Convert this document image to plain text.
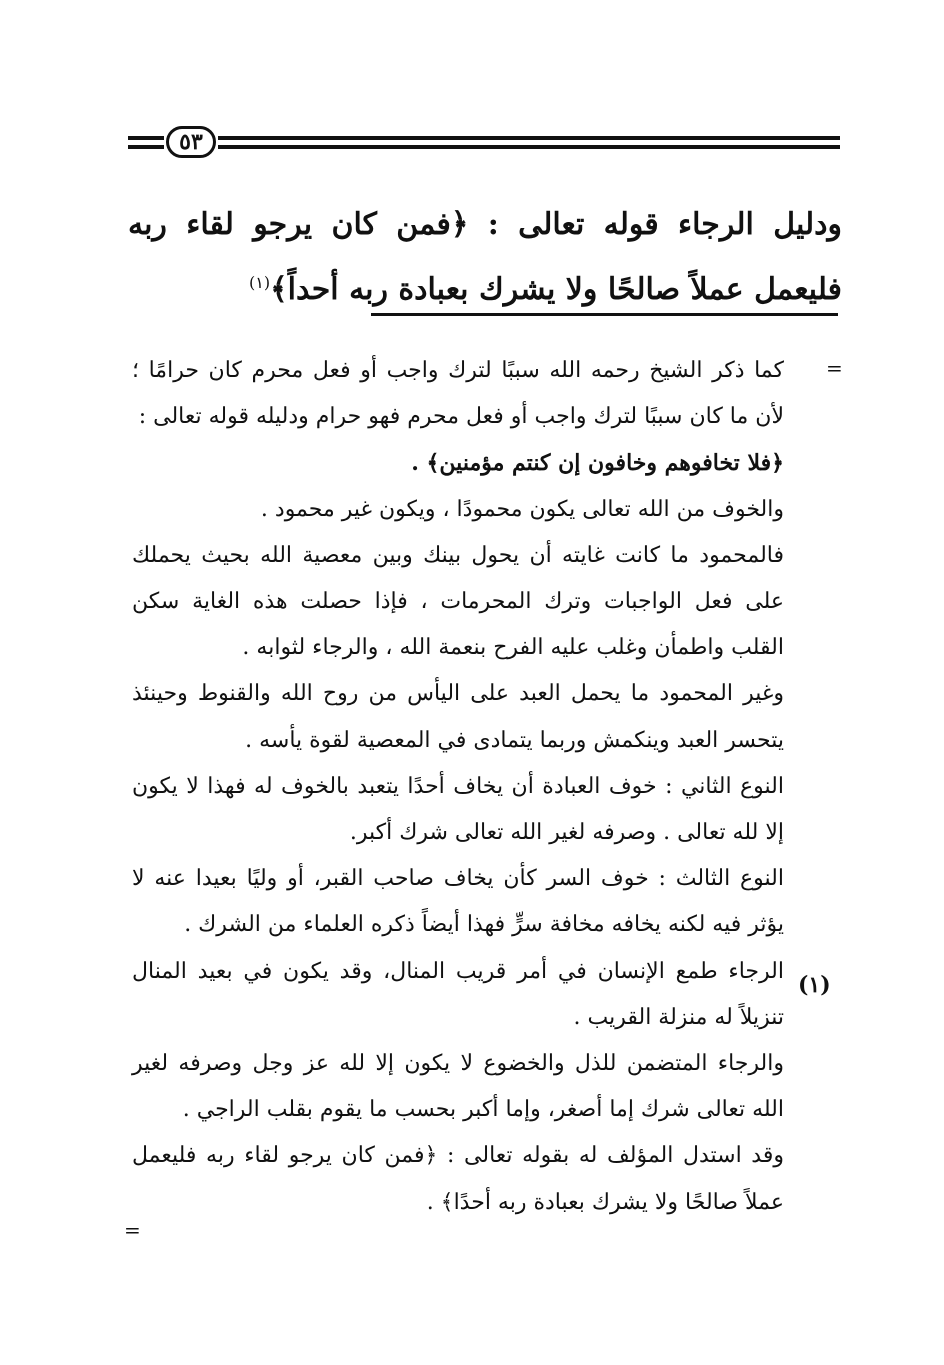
٥٣
ودليل الرجاء قوله تعالى : ﴿فمن كان يرجو لقاء ربه فليعمل عملاً صالحًا ولا يشرك بعبادة ربه أحداً﴾$^{(١)}$
=
(١)

كما ذكر الشيخ رحمه الله سببًا لترك واجب أو فعل محرم كان حرامًا ؛ لأن ما كان سببًا لترك واجب أو فعل محرم فهو حرام ودليله قوله تعالى :

﴿فلا تخافوهم وخافون إن كنتم مؤمنين﴾ .

والخوف من الله تعالى يكون محمودًا ، ويكون غير محمود .

فالمحمود ما كانت غايته أن يحول بينك وبين معصية الله بحيث يحملك على فعل الواجبات وترك المحرمات ، فإذا حصلت هذه الغاية سكن القلب واطمأن وغلب عليه الفرح بنعمة الله ، والرجاء لثوابه .

وغير المحمود ما يحمل العبد على اليأس من روح الله والقنوط وحينئذ يتحسر العبد وينكمش وربما يتمادى في المعصية لقوة يأسه .

النوع الثاني : خوف العبادة أن يخاف أحدًا يتعبد بالخوف له فهذا لا يكون إلا لله تعالى . وصرفه لغير الله تعالى شرك أكبر.

النوع الثالث : خوف السر كأن يخاف صاحب القبر، أو وليًا بعيدا عنه لا يؤثر فيه لكنه يخافه مخافة سرٍّ فهذا أيضاً ذكره العلماء من الشرك .

الرجاء طمع الإنسان في أمر قريب المنال، وقد يكون في بعيد المنال تنزيلاً له منزلة القريب .

والرجاء المتضمن للذل والخضوع لا يكون إلا لله عز وجل وصرفه لغير الله تعالى شرك إما أصغر، وإما أكبر بحسب ما يقوم بقلب الراجي .

وقد استدل المؤلف له بقوله تعالى : ﴿فمن كان يرجو لقاء ربه فليعمل عملاً صالحًا ولا يشرك بعبادة ربه أحدًا﴾ .

=
